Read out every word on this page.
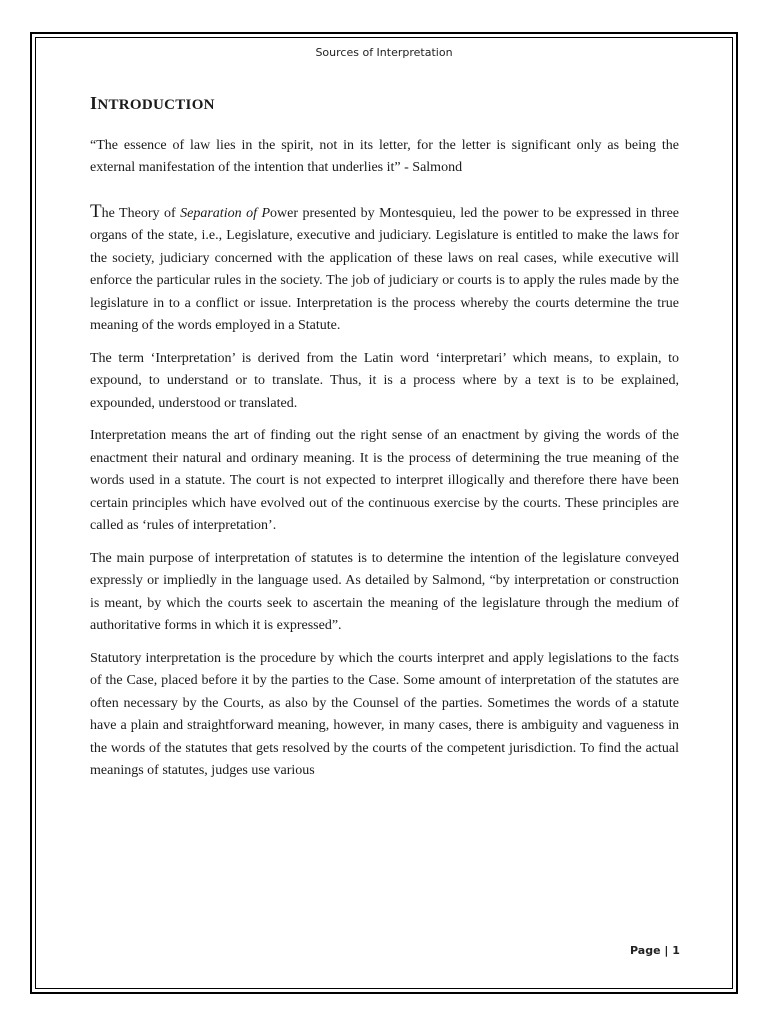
Sources of Interpretation
INTRODUCTION

“The essence of law lies in the spirit, not in its letter, for the letter is significant only as being the external manifestation of the intention that underlies it” - Salmond

The Theory of Separation of Power presented by Montesquieu, led the power to be expressed in three organs of the state, i.e., Legislature, executive and judiciary. Legislature is entitled to make the laws for the society, judiciary concerned with the application of these laws on real cases, while executive will enforce the particular rules in the society. The job of judiciary or courts is to apply the rules made by the legislature in to a conflict or issue. Interpretation is the process whereby the courts determine the true meaning of the words employed in a Statute.

The term ‘Interpretation’ is derived from the Latin word ‘interpretari’ which means, to explain, to expound, to understand or to translate. Thus, it is a process where by a text is to be explained, expounded, understood or translated.

Interpretation means the art of finding out the right sense of an enactment by giving the words of the enactment their natural and ordinary meaning. It is the process of determining the true meaning of the words used in a statute. The court is not expected to interpret illogically and therefore there have been certain principles which have evolved out of the continuous exercise by the courts. These principles are called as ‘rules of interpretation’.

The main purpose of interpretation of statutes is to determine the intention of the legislature conveyed expressly or impliedly in the language used. As detailed by Salmond, “by interpretation or construction is meant, by which the courts seek to ascertain the meaning of the legislature through the medium of authoritative forms in which it is expressed”.

Statutory interpretation is the procedure by which the courts interpret and apply legislations to the facts of the Case, placed before it by the parties to the Case. Some amount of interpretation of the statutes are often necessary by the Courts, as also by the Counsel of the parties. Sometimes the words of a statute have a plain and straightforward meaning, however, in many cases, there is ambiguity and vagueness in the words of the statutes that gets resolved by the courts of the competent jurisdiction. To find the actual meanings of statutes, judges use various

Page | 1
